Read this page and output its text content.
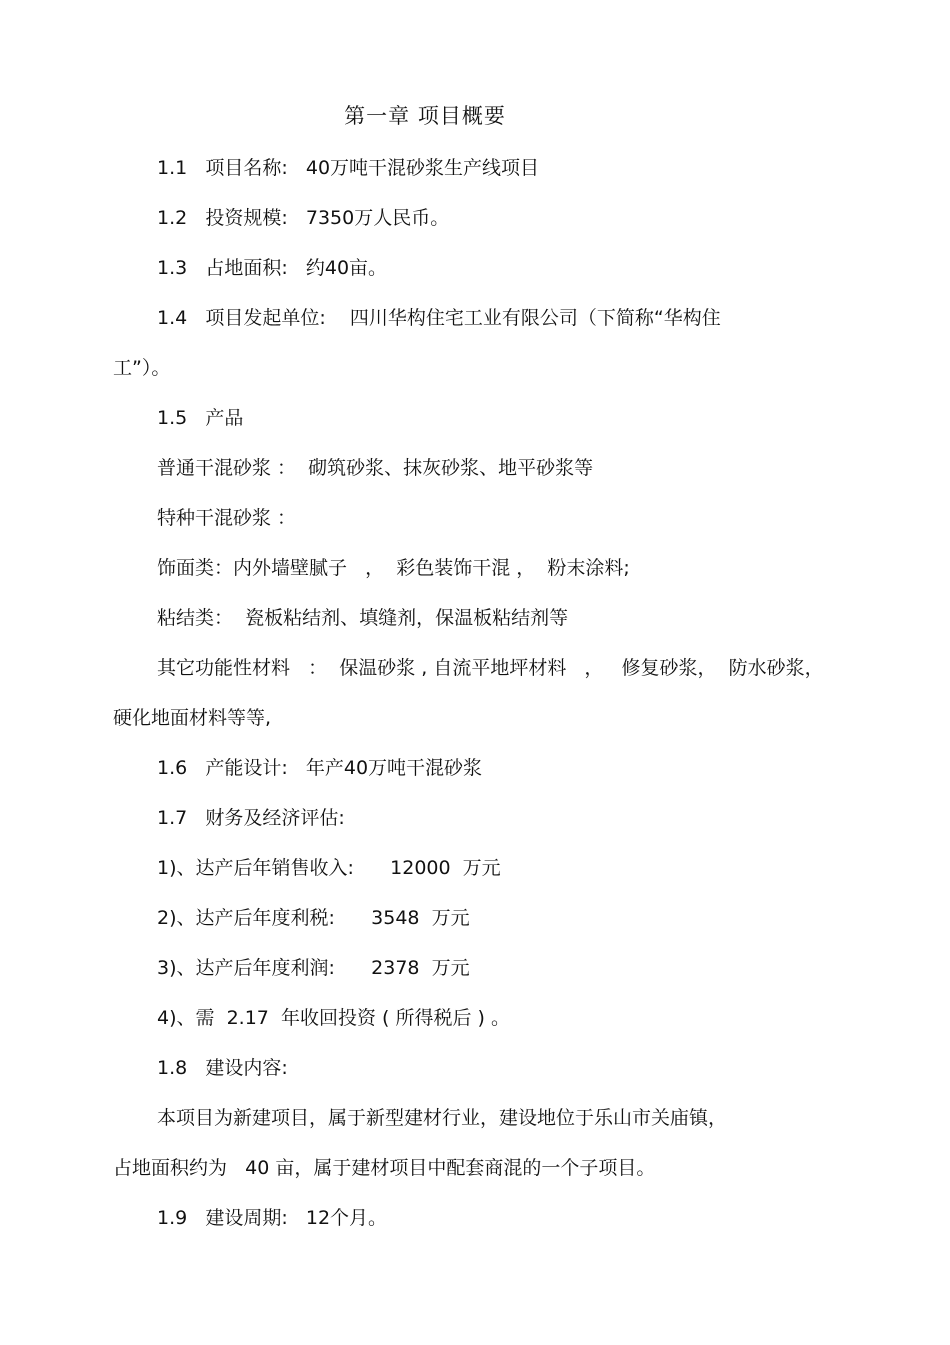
第一章 项目概要
1.1   项目名称:   40万吨干混砂浆生产线项目
1.2   投资规模:   7350万人民币。
1.3   占地面积:   约40亩。
1.4   项目发起单位:    四川华构住宅工业有限公司（下简称“华构住
工”）。
1.5   产品
普通干混砂浆 ：  砌筑砂浆、抹灰砂浆、地平砂浆等
特种干混砂浆 ：
饰面类：内外墙壁腻子   ，  彩色装饰干混 ，  粉末涂料;
粘结类：  瓷板粘结剂、填缝剂，保温板粘结剂等
其它功能性材料   ：  保温砂浆 , 自流平地坪材料   ，   修复砂浆，  防水砂浆，
硬化地面材料等等,
1.6   产能设计:   年产40万吨干混砂浆
1.7   财务及经济评估:
1)、达产后年销售收入:      12000  万元
2)、达产后年度利税:      3548  万元
3)、达产后年度利润:      2378  万元
4)、需  2.17  年收回投资 ( 所得税后 ) 。
1.8   建设内容:
本项目为新建项目，属于新型建材行业，建设地位于乐山市关庙镇，
占地面积约为   40 亩，属于建材项目中配套商混的一个子项目。
1.9   建设周期:   12个月。
